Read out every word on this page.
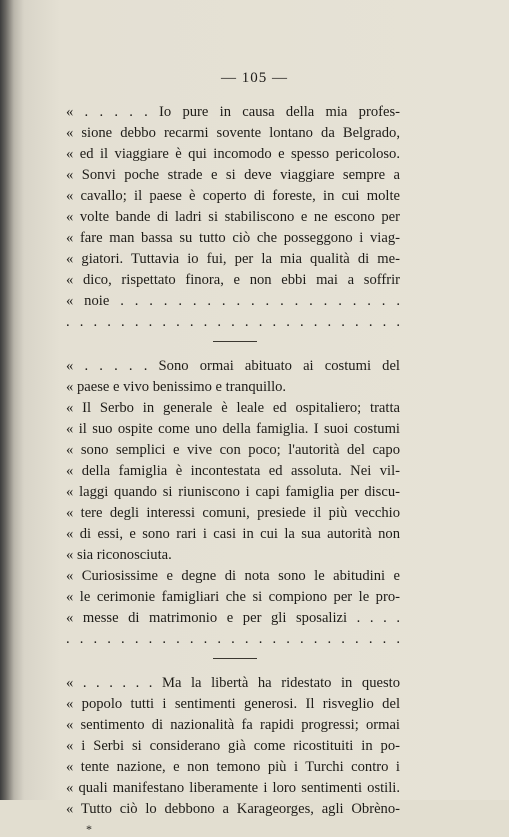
— 105 —
« . . . . . Io pure in causa della mia profes-
« sione debbo recarmi sovente lontano da Belgrado,
« ed il viaggiare è qui incomodo e spesso pericoloso.
« Sonvi poche strade e si deve viaggiare sempre a
« cavallo; il paese è coperto di foreste, in cui molte
« volte bande di ladri si stabiliscono e ne escono per
« fare man bassa su tutto ciò che posseggono i viag-
« giatori. Tuttavia io fui, per la mia qualità di me-
« dico, rispettato finora, e non ebbi mai a soffrir
« noie . . . . . . . . . . . . . . . . . . . .
. . . . . . . . . . . . . . . . . . . . . . . . .
« . . . . . Sono ormai abituato ai costumi del
« paese e vivo benissimo e tranquillo.
« Il Serbo in generale è leale ed ospitaliero; tratta
« il suo ospite come uno della famiglia. I suoi costumi
« sono semplici e vive con poco; l'autorità del capo
« della famiglia è incontestata ed assoluta. Nei vil-
« laggi quando si riuniscono i capi famiglia per discu-
« tere degli interessi comuni, presiede il più vecchio
« di essi, e sono rari i casi in cui la sua autorità non
« sia riconosciuta.
« Curiosissime e degne di nota sono le abitudini e
« le cerimonie famigliari che si compiono per le pro-
« messe di matrimonio e per gli sposalizi . . . .
. . . . . . . . . . . . . . . . . . . . . . . . .
« . . . . . . Ma la libertà ha ridestato in questo
« popolo tutti i sentimenti generosi. Il risveglio del
« sentimento di nazionalità fa rapidi progressi; ormai
« i Serbi si considerano già come ricostituiti in po-
« tente nazione, e non temono più i Turchi contro i
« quali manifestano liberamente i loro sentimenti ostili.
« Tutto ciò lo debbono a Karageorges, agli Obrèno-
*
